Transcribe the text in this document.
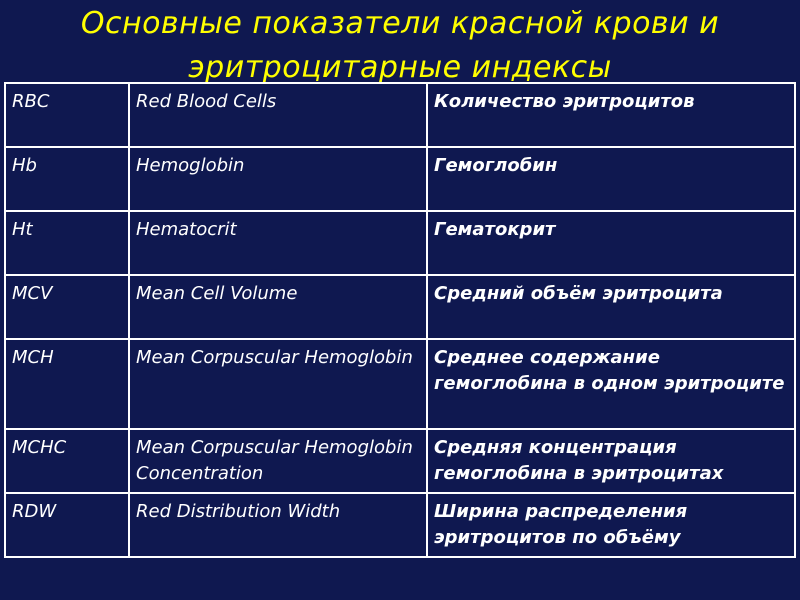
Основные показатели красной крови и
эритроцитарные индексы
RBC	Red Blood Cells	Количество эритроцитов
Hb	Hemoglobin	Гемоглобин
Ht	Hematocrit	Гематокрит
MCV	Mean Cell Volume	Средний объём эритроцита
MCH	Mean Corpuscular Hemoglobin	Среднее содержание гемоглобина в одном эритроците
MCHC	Mean Corpuscular Hemoglobin Concentration	Средняя концентрация гемоглобина в эритроцитах
RDW	Red Distribution Width	Ширина распределения эритроцитов по объёму
